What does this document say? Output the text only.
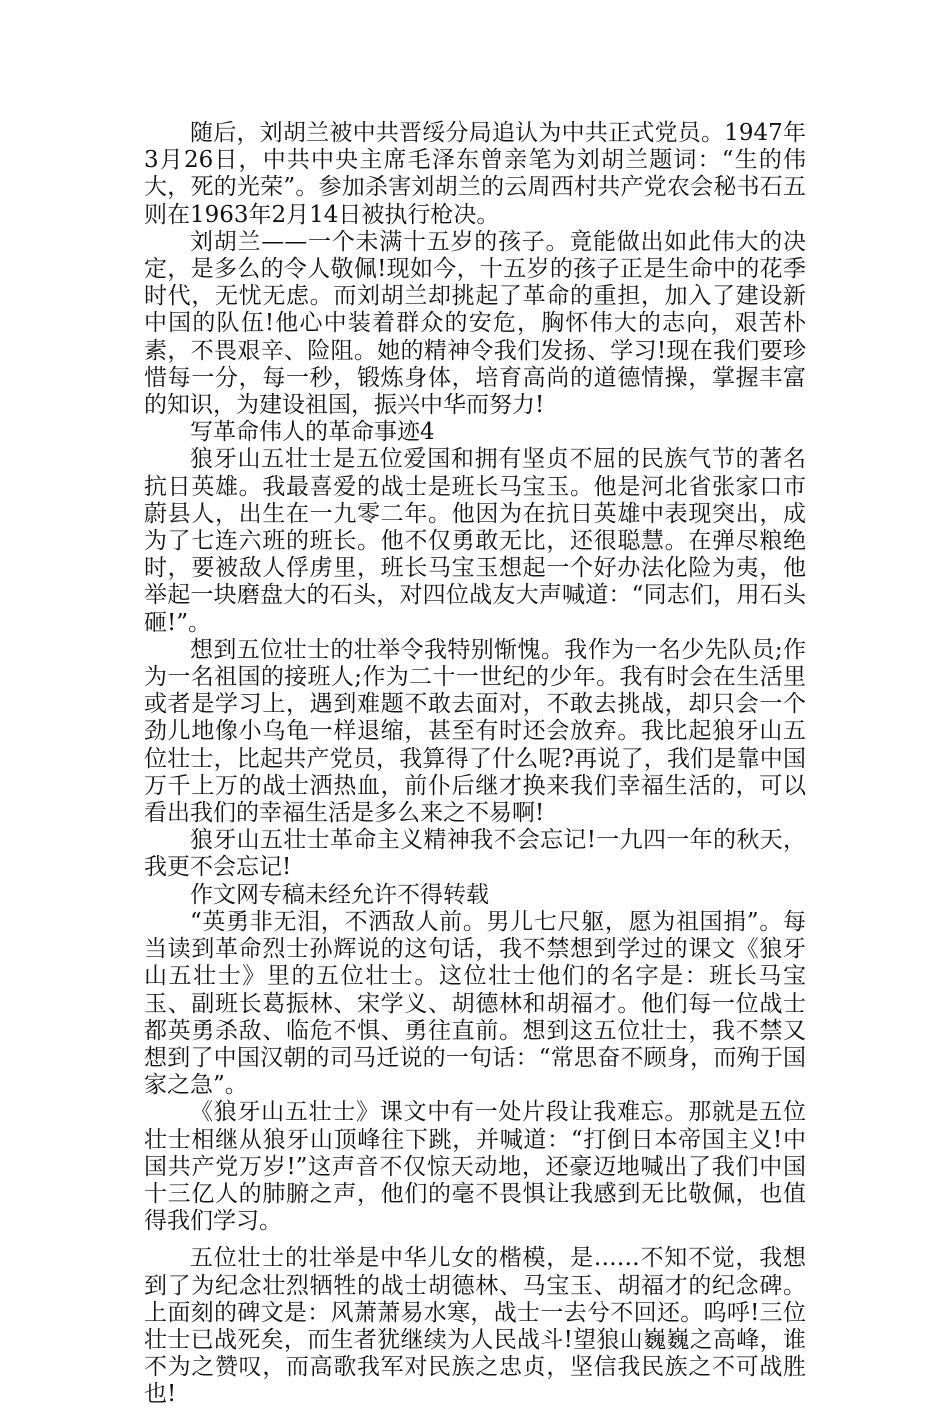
随后，刘胡兰被中共晋绥分局追认为中共正式党员。1947年3月26日，中共中央主席毛泽东曾亲笔为刘胡兰题词：“生的伟大，死的光荣”。参加杀害刘胡兰的云周西村共产党农会秘书石五则在1963年2月14日被执行枪决。

刘胡兰——一个未满十五岁的孩子。竟能做出如此伟大的决定，是多么的令人敬佩!现如今，十五岁的孩子正是生命中的花季时代，无忧无虑。而刘胡兰却挑起了革命的重担，加入了建设新中国的队伍!他心中装着群众的安危，胸怀伟大的志向，艰苦朴素，不畏艰辛、险阻。她的精神令我们发扬、学习!现在我们要珍惜每一分，每一秒，锻炼身体，培育高尚的道德情操，掌握丰富的知识，为建设祖国，振兴中华而努力!

写革命伟人的革命事迹4

狼牙山五壮士是五位爱国和拥有坚贞不屈的民族气节的著名抗日英雄。我最喜爱的战士是班长马宝玉。他是河北省张家口市蔚县人，出生在一九零二年。他因为在抗日英雄中表现突出，成为了七连六班的班长。他不仅勇敢无比，还很聪慧。在弹尽粮绝时，要被敌人俘虏里，班长马宝玉想起一个好办法化险为夷，他举起一块磨盘大的石头，对四位战友大声喊道：“同志们，用石头砸!”。

想到五位壮士的壮举令我特别惭愧。我作为一名少先队员;作为一名祖国的接班人;作为二十一世纪的少年。我有时会在生活里或者是学习上，遇到难题不敢去面对，不敢去挑战，却只会一个劲儿地像小乌龟一样退缩，甚至有时还会放弃。我比起狼牙山五位壮士，比起共产党员，我算得了什么呢?再说了，我们是靠中国万千上万的战士洒热血，前仆后继才换来我们幸福生活的，可以看出我们的幸福生活是多么来之不易啊!

狼牙山五壮士革命主义精神我不会忘记!一九四一年的秋天，我更不会忘记!

作文网专稿未经允许不得转载

“英勇非无泪，不洒敌人前。男儿七尺躯，愿为祖国捐”。每当读到革命烈士孙辉说的这句话，我不禁想到学过的课文《狼牙山五壮士》里的五位壮士。这位壮士他们的名字是：班长马宝玉、副班长葛振林、宋学义、胡德林和胡福才。他们每一位战士都英勇杀敌、临危不惧、勇往直前。想到这五位壮士，我不禁又想到了中国汉朝的司马迁说的一句话：“常思奋不顾身，而殉于国家之急”。

《狼牙山五壮士》课文中有一处片段让我难忘。那就是五位壮士相继从狼牙山顶峰往下跳，并喊道：“打倒日本帝国主义!中国共产党万岁!”这声音不仅惊天动地，还豪迈地喊出了我们中国十三亿人的肺腑之声，他们的毫不畏惧让我感到无比敬佩，也值得我们学习。

五位壮士的壮举是中华儿女的楷模，是……不知不觉，我想到了为纪念壮烈牺牲的战士胡德林、马宝玉、胡福才的纪念碑。上面刻的碑文是：风萧萧易水寒，战士一去兮不回还。呜呼!三位壮士已战死矣，而生者犹继续为人民战斗!望狼山巍巍之高峰，谁不为之赞叹，而高歌我军对民族之忠贞，坚信我民族之不可战胜也!
